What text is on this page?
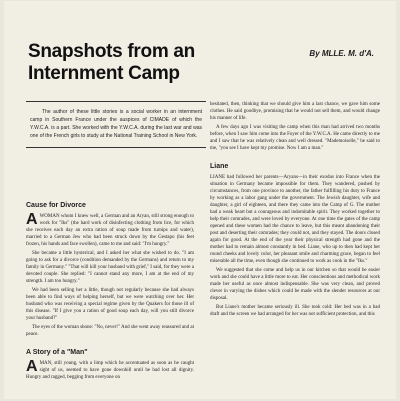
Snapshots from an Internment Camp
By MLLE. M. d'A.
The author of these little stories is a social worker in an internment camp in Southern France under the auspices of CIMADE of which the Y.W.C.A. is a part. She worked with the Y.W.C.A. during the last war and was one of the French girls to study at the National Training School in New York.
Cause for Divorce

A WOMAN whom I knew well, a German and an Aryan, still strong enough to work for "Iks" (the hard work of disinfecting clothing from lice, for which she receives each day an extra ration of soup made from turnips and water), married to a German Jew who had been struck down by the Gestapo (his feet frozen, his hands and face swollen), came to me and said: "I'm hungry."

She became a little hysterical, and I asked her what she wished to do. "I am going to ask for a divorce (condition demanded by the Germans) and return to my family in Germany." "That will kill your husband with grief," I said, for they were a devoted couple. She replied: "I cannot stand any more, I am at the end of my strength. I am too hungry."

We had been selling her a little, though not regularly because she had always been able to find ways of helping herself, but we were watching over her. Her husband who was receiving a special regime given by the Quakers for those ill of this disease. "If I give you a ration of good soup each day, will you still divorce your husband?"

The eyes of the woman shone: "No, never!" And she went away reassured and at peace.

A Story of a "Man"

A MAN, still young, with a limp which he accentuated as soon as he caught sight of us, seemed to have gone downhill until he had lost all dignity. Hungry and ragged, begging from everyone on

hesitated, then, thinking that we should give him a last chance, we gave him some clothes. He said goodbye, promising that he would not sell them, and would change his manner of life.

A few days ago I was visiting the camp when this man had arrived two months before, when I saw him come into the Foyer of the Y.W.C.A. He came directly to me and I saw that he was relatively clean and well dressed. "Mademoiselle," he said to me, "you see I have kept my promise. Now I am a man."

Liane

LIANE had followed her parents—Aryans—in their exodus into France when the situation in Germany became impossible for them. They wandered, pushed by circumstances, from one province to another, the father fulfilling his duty to France by working as a labor gang under the government. The Jewish daughter, wife and daughter, a girl of eighteen, and there they came into the Camp of G. The mother had a weak heart but a courageous and indomitable spirit. They worked together to help their comrades, and were loved by everyone. At one time the gates of the camp opened and these women had the chance to leave, but this meant abandoning their post and deserting their comrades; they could not, and they stayed. The doors closed again for good. At the end of the year their physical strength had gone and the mother had to remain almost constantly in bed. Liane, who up to then had kept her round cheeks and lovely color, her pleasant smile and charming grace, began to feel miserable all the time, even though she continued to work as cook in the "Iks."

We suggested that she come and help us in our kitchen so that would be easier work and she could have a little more to eat. Her conscientious and methodical work made her useful as once almost indispensable. She was very clean, and proved clever in varying the dishes which could be made with the slender resources at our disposal.

But Liane's mother became seriously ill. She took cold: Her bed was in a bad draft and the screen we had arranged for her was not sufficient protection, and this
